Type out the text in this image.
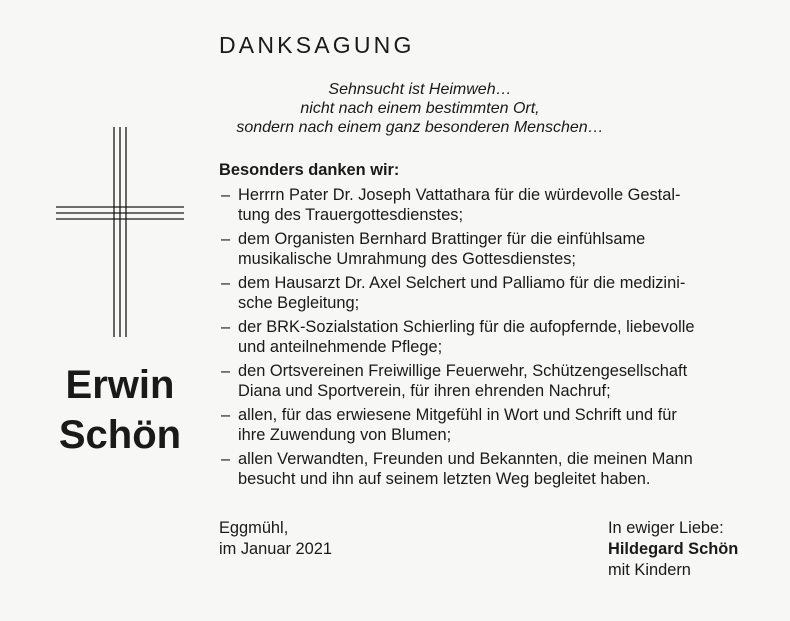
DANKSAGUNG
Sehnsucht ist Heimweh…
nicht nach einem bestimmten Ort,
sondern nach einem ganz besonderen Menschen…
Erwin
Schön
Besonders danken wir:
– Herrrn Pater Dr. Joseph Vattathara für die würdevolle Gestal-
tung des Trauergottesdienstes;
– dem Organisten Bernhard Brattinger für die einfühlsame
musikalische Umrahmung des Gottesdienstes;
– dem Hausarzt Dr. Axel Selchert und Palliamo für die medizini-
sche Begleitung;
– der BRK-Sozialstation Schierling für die aufopfernde, liebevolle
und anteilnehmende Pflege;
– den Ortsvereinen Freiwillige Feuerwehr, Schützengesellschaft
Diana und Sportverein, für ihren ehrenden Nachruf;
– allen, für das erwiesene Mitgefühl in Wort und Schrift und für
ihre Zuwendung von Blumen;
– allen Verwandten, Freunden und Bekannten, die meinen Mann
besucht und ihn auf seinem letzten Weg begleitet haben.
Eggmühl,
im Januar 2021
In ewiger Liebe:
Hildegard Schön
mit Kindern
